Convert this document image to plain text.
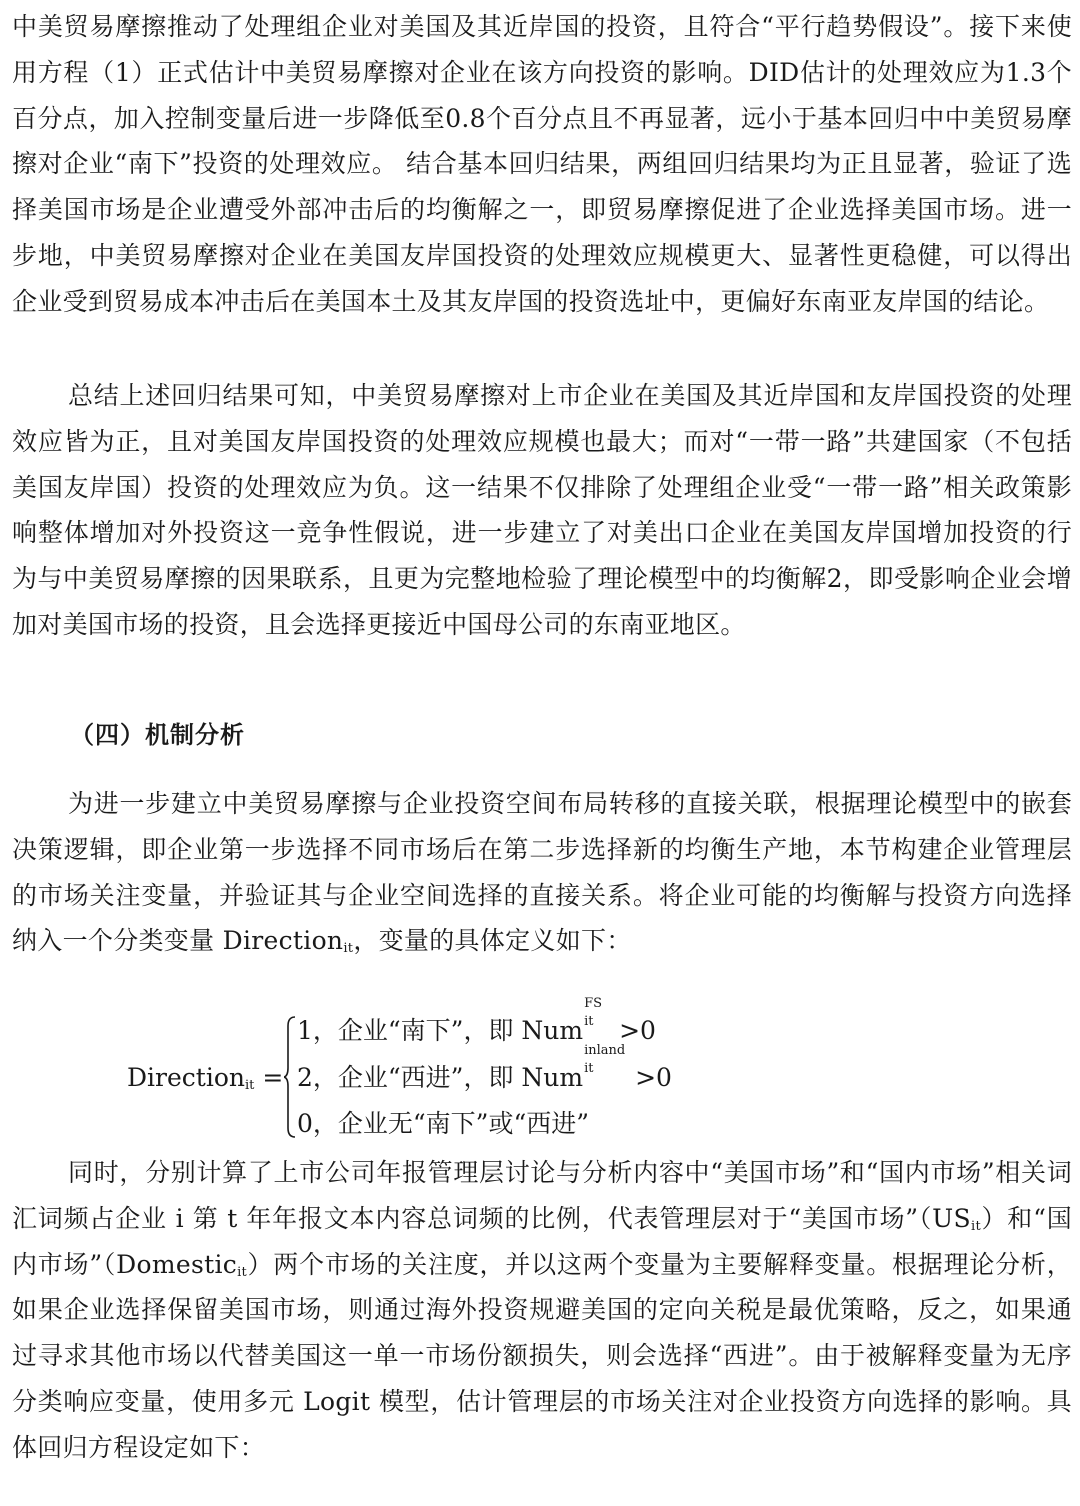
中美贸易摩擦推动了处理组企业对美国及其近岸国的投资，且符合“平行趋势假设”。接下来使用方程（1）正式估计中美贸易摩擦对企业在该方向投资的影响。DID估计的处理效应为1.3个百分点，加入控制变量后进一步降低至0.8个百分点且不再显著，远小于基本回归中中美贸易摩擦对企业“南下”投资的处理效应。 结合基本回归结果，两组回归结果均为正且显著，验证了选择美国市场是企业遭受外部冲击后的均衡解之一，即贸易摩擦促进了企业选择美国市场。进一步地，中美贸易摩擦对企业在美国友岸国投资的处理效应规模更大、显著性更稳健，可以得出企业受到贸易成本冲击后在美国本土及其友岸国的投资选址中，更偏好东南亚友岸国的结论。

总结上述回归结果可知，中美贸易摩擦对上市企业在美国及其近岸国和友岸国投资的处理效应皆为正，且对美国友岸国投资的处理效应规模也最大；而对“一带一路”共建国家（不包括美国友岸国）投资的处理效应为负。这一结果不仅排除了处理组企业受“一带一路”相关政策影响整体增加对外投资这一竞争性假说，进一步建立了对美出口企业在美国友岸国增加投资的行为与中美贸易摩擦的因果联系，且更为完整地检验了理论模型中的均衡解2，即受影响企业会增加对美国市场的投资，且会选择更接近中国母公司的东南亚地区。

（四）机制分析

为进一步建立中美贸易摩擦与企业投资空间布局转移的直接关联，根据理论模型中的嵌套决策逻辑，即企业第一步选择不同市场后在第二步选择新的均衡生产地，本节构建企业管理层的市场关注变量，并验证其与企业空间选择的直接关系。将企业可能的均衡解与投资方向选择纳入一个分类变量 Direction$_{it}$，变量的具体定义如下：

Direction$_{it}$ =
1，企业“南下”，即 Num
FS
it >0
2，企业“西进”，即 Num
inland
it >0
0，企业无“南下”或“西进”

同时，分别计算了上市公司年报管理层讨论与分析内容中“美国市场”和“国内市场”相关词汇词频占企业 i 第 t 年年报文本内容总词频的比例，代表管理层对于“美国市场$”(US_{it})$和“国内市场”（Domestic$_{it}$）两个市场的关注度，并以这两个变量为主要解释变量。根据理论分析，如果企业选择保留美国市场，则通过海外投资规避美国的定向关税是最优策略，反之，如果通过寻求其他市场以代替美国这一单一市场份额损失，则会选择“西进”。由于被解释变量为无序分类响应变量，使用多元 Logit 模型，估计管理层的市场关注对企业投资方向选择的影响。具体回归方程设定如下：
